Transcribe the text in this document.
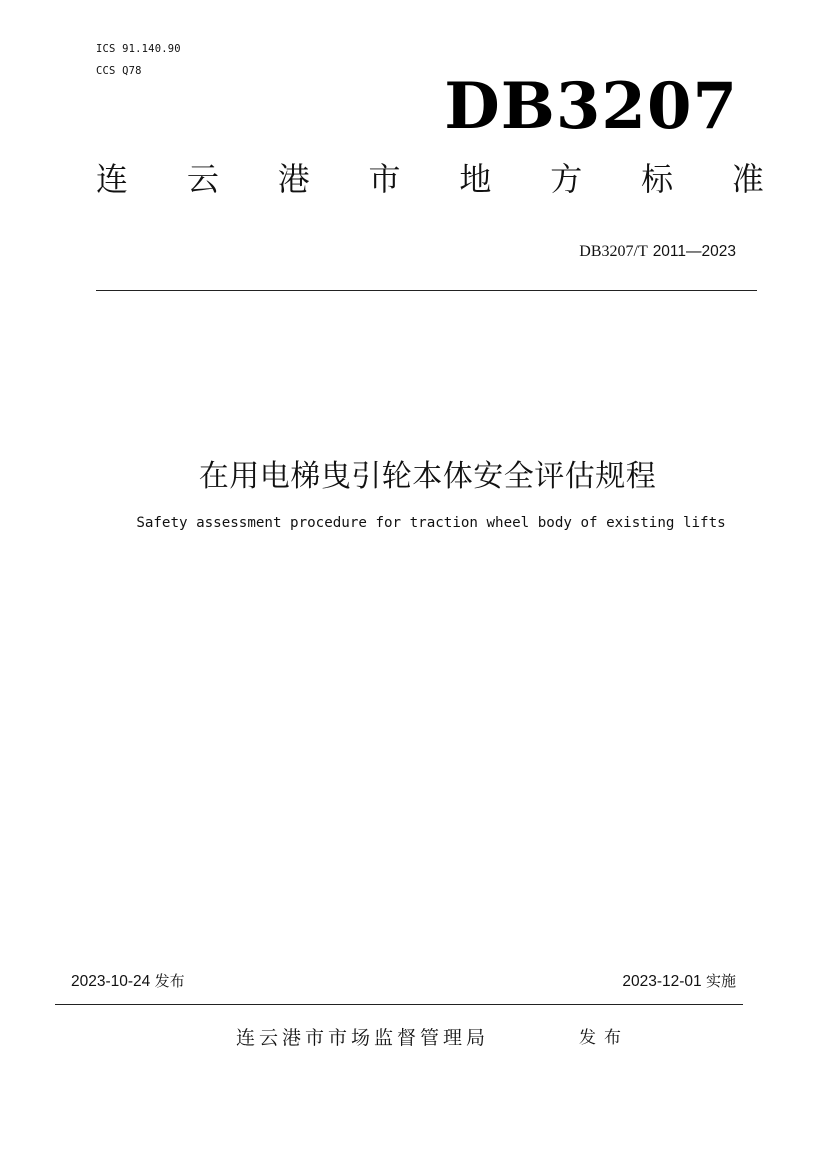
ICS 91.140.90
CCS Q78	DB3207
连 云 港 市 地 方 标 准
DB3207/T 2011—2023
在用电梯曳引轮本体安全评估规程
Safety assessment procedure for traction wheel body of existing lifts
2023-10-24 发布	2023-12-01 实施
连云港市市场监督管理局	发布
